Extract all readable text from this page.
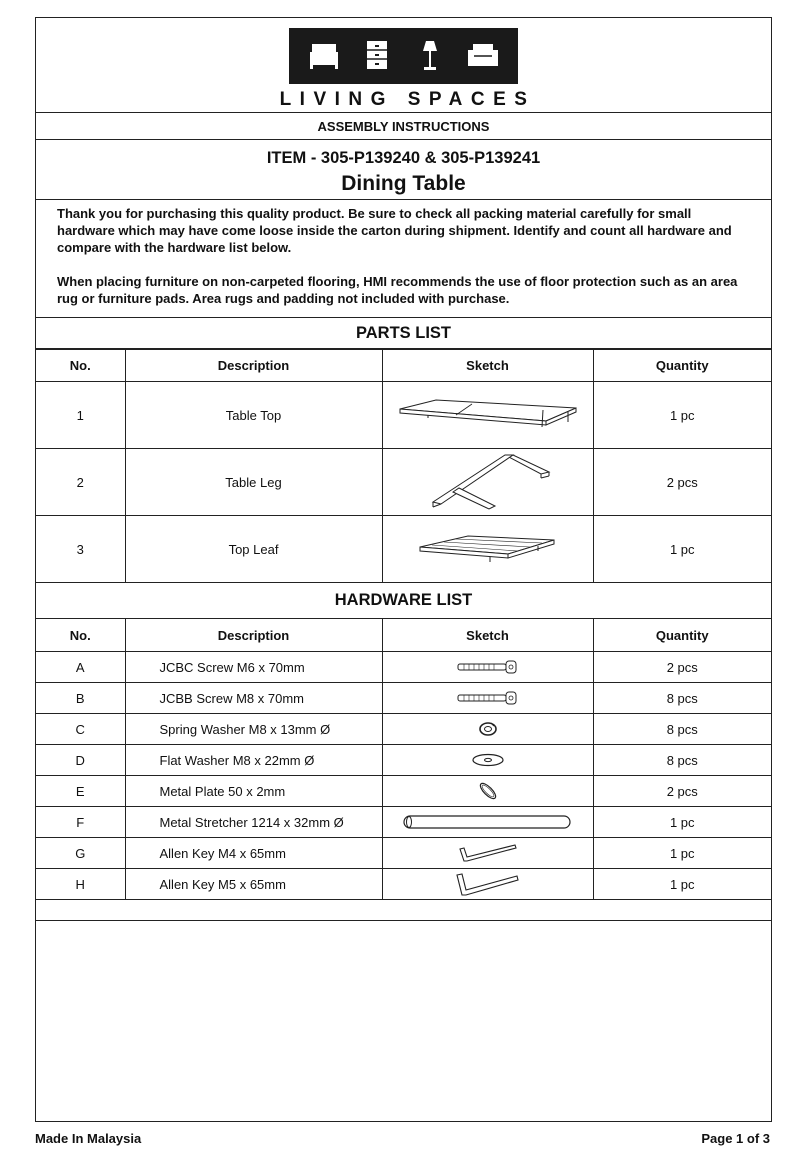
LIVING SPACES
ASSEMBLY INSTRUCTIONS
ITEM - 305-P139240 & 305-P139241
Dining Table

Thank you for purchasing this quality product. Be sure to check all packing material carefully for small hardware which may have come loose inside the carton during shipment. Identify and count all hardware and compare with the hardware list below.

When placing furniture on non-carpeted flooring, HMI recommends the use of floor protection such as an area rug or furniture pads. Area rugs and padding not included with purchase.

PARTS LIST
No.	Description	Sketch	Quantity
1	Table Top		1 pc
2	Table Leg		2 pcs
3	Top Leaf		1 pc
HARDWARE LIST
No.	Description	Sketch	Quantity
A	JCBC Screw M6 x 70mm		2 pcs
B	JCBB Screw M8 x 70mm		8 pcs
C	Spring Washer M8 x 13mm Ø		8 pcs
D	Flat Washer M8 x 22mm Ø		8 pcs
E	Metal Plate 50 x 2mm		2 pcs
F	Metal Stretcher 1214 x 32mm Ø		1 pc
G	Allen Key M4 x 65mm		1 pc
H	Allen Key M5 x 65mm		1 pc

Made In Malaysia	Page 1 of 3
